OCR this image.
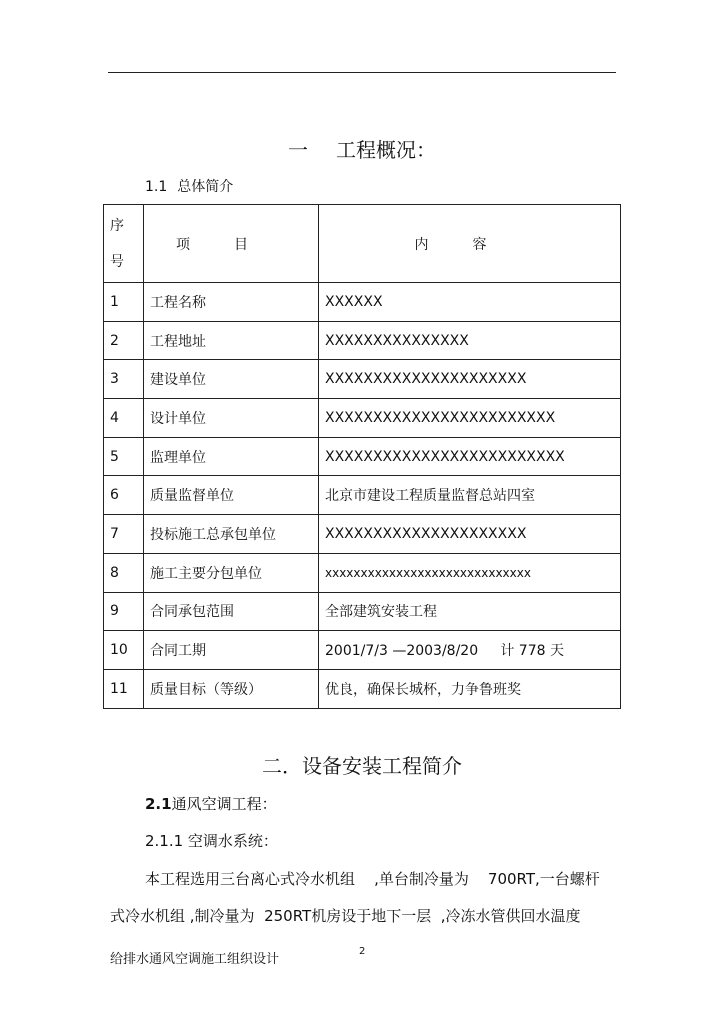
一 工程概况：
1.1 总体简介
序
号	项目	内容
1	工程名称	XXXXXX
2	工程地址	XXXXXXXXXXXXXXX
3	建设单位	XXXXXXXXXXXXXXXXXXXXX
4	设计单位	XXXXXXXXXXXXXXXXXXXXXXXX
5	监理单位	XXXXXXXXXXXXXXXXXXXXXXXXX
6	质量监督单位	北京市建设工程质量监督总站四室
7	投标施工总承包单位	XXXXXXXXXXXXXXXXXXXXX
8	施工主要分包单位	xxxxxxxxxxxxxxxxxxxxxxxxxxxxx
9	合同承包范围	全部建筑安装工程
10	合同工期	2001/7/3 —2003/8/20     计 778 天
11	质量目标（等级）	优良，确保长城杯，力争鲁班奖
二．设备安装工程简介
2.1通风空调工程：
2.1.1 空调水系统：
本工程选用三台离心式冷水机组    ,单台制冷量为    700RT,一台螺杆
式冷水机组 ,制冷量为  250RT机房设于地下一层  ,冷冻水管供回水温度
给排水通风空调施工组织设计
2
